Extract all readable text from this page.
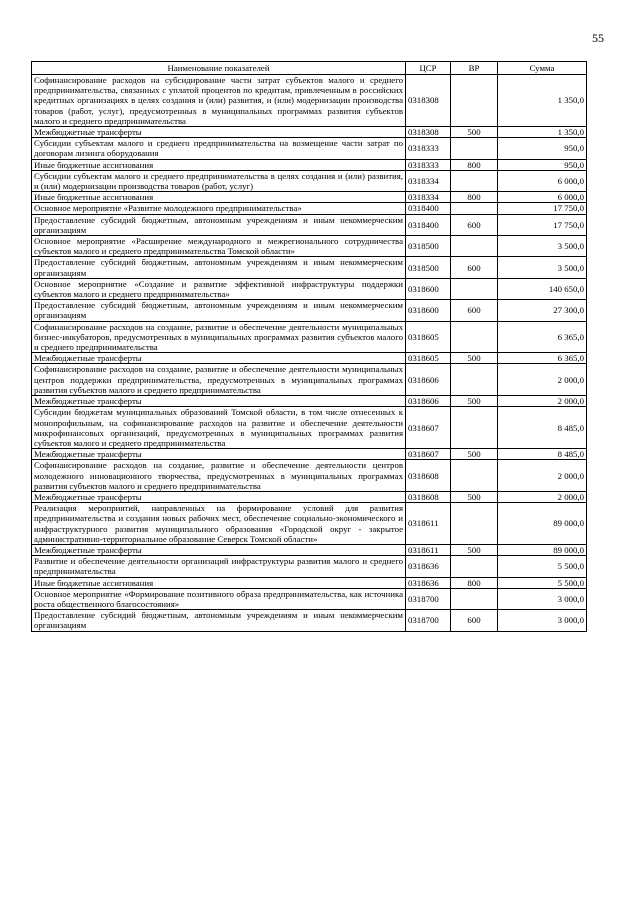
55
Наименование показателей	ЦСР	ВР	Сумма
Софинансирование расходов на субсидирование части затрат субъектов малого и среднего предпринимательства, связанных с уплатой процентов по кредитам, привлеченным в российских кредитных организациях в целях создания и (или) развития, и (или) модернизации производства товаров (работ, услуг), предусмотренных в муниципальных программах развития субъектов малого и среднего предпринимательства	0318308		1 350,0
Межбюджетные трансферты	0318308	500	1 350,0
Субсидии субъектам малого и среднего предпринимательства на возмещение части затрат по договорам лизинга оборудования	0318333		950,0
Иные бюджетные ассигнования	0318333	800	950,0
Субсидии субъектам малого и среднего предпринимательства в целях создания и (или) развития, и (или) модернизации производства товаров (работ, услуг)	0318334		6 000,0
Иные бюджетные ассигнования	0318334	800	6 000,0
Основное мероприятие «Развитие молодежного предпринимательства»	0318400		17 750,0
Предоставление субсидий бюджетным, автономным учреждениям и иным некоммерческим организациям	0318400	600	17 750,0
Основное мероприятие «Расширение международного и межрегионального сотрудничества субъектов малого и среднего предпринимательства Томской области»	0318500		3 500,0
Предоставление субсидий бюджетным, автономным учреждениям и иным некоммерческим организациям	0318500	600	3 500,0
Основное мероприятие «Создание и развитие эффективной инфраструктуры поддержки субъектов малого и среднего предпринимательства»	0318600		140 650,0
Предоставление субсидий бюджетным, автономным учреждениям и иным некоммерческим организациям	0318600	600	27 300,0
Софинансирование расходов на создание, развитие и обеспечение деятельности муниципальных бизнес-инкубаторов, предусмотренных в муниципальных программах развития субъектов малого и среднего предпринимательства	0318605		6 365,0
Межбюджетные трансферты	0318605	500	6 365,0
Софинансирование расходов на создание, развитие и обеспечение деятельности муниципальных центров поддержки предпринимательства, предусмотренных в муниципальных программах развития субъектов малого и среднего предпринимательства	0318606		2 000,0
Межбюджетные трансферты	0318606	500	2 000,0
Субсидии бюджетам муниципальных образований Томской области, в том числе отнесенных к монопрофильным, на софинансирование расходов на развитие и обеспечение деятельности микрофинансовых организаций, предусмотренных в муниципальных программах развития субъектов малого и среднего предпринимательства	0318607		8 485,0
Межбюджетные трансферты	0318607	500	8 485,0
Софинансирование расходов на создание, развитие и обеспечение деятельности центров молодежного инновационного творчества, предусмотренных в муниципальных программах развития субъектов малого и среднего предпринимательства	0318608		2 000,0
Межбюджетные трансферты	0318608	500	2 000,0
Реализация мероприятий, направленных на формирование условий для развития предпринимательства и создания новых рабочих мест, обеспечение социально-экономического и инфраструктурного развития муниципального образования «Городской округ - закрытое административно-территориальное образование Северск Томской области»	0318611		89 000,0
Межбюджетные трансферты	0318611	500	89 000,0
Развитие и обеспечение деятельности организаций инфраструктуры развития малого и среднего предпринимательства	0318636		5 500,0
Иные бюджетные ассигнования	0318636	800	5 500,0
Основное мероприятие «Формирование позитивного образа предпринимательства, как источника роста общественного благосостояния»	0318700		3 000,0
Предоставление субсидий бюджетным, автономным учреждениям и иным некоммерческим организациям	0318700	600	3 000,0
